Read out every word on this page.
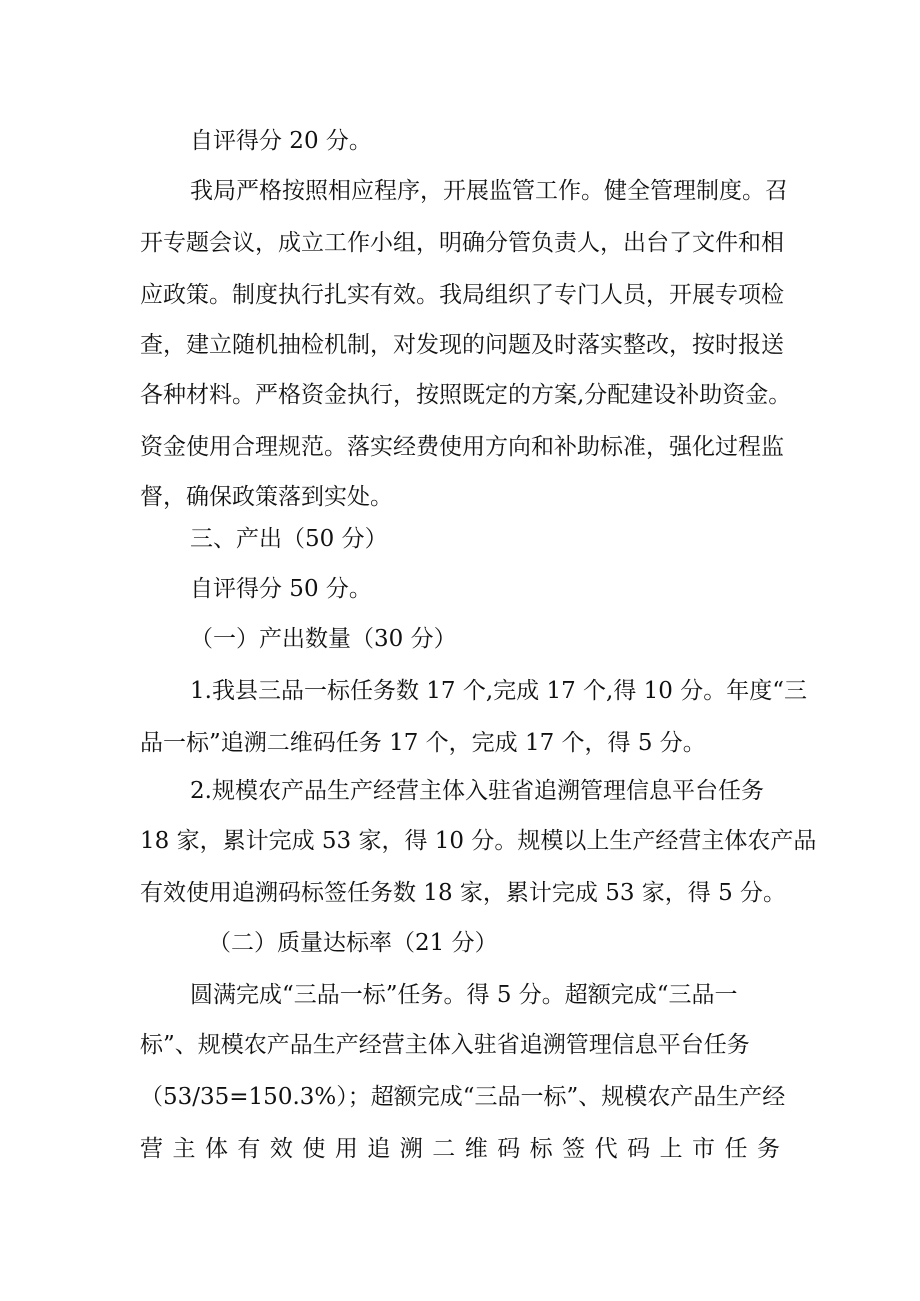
自评得分 20 分。
我局严格按照相应程序，开展监管工作。健全管理制度。召
开专题会议，成立工作小组，明确分管负责人，出台了文件和相
应政策。制度执行扎实有效。我局组织了专门人员，开展专项检
查，建立随机抽检机制，对发现的问题及时落实整改，按时报送
各种材料。严格资金执行，按照既定的方案,分配建设补助资金。
资金使用合理规范。落实经费使用方向和补助标准，强化过程监
督，确保政策落到实处。
三、产出（50 分）
自评得分 50 分。
（一）产出数量（30 分）
1.我县三品一标任务数 17 个,完成 17 个,得 10 分。年度“三
品一标”追溯二维码任务 17 个，完成 17 个，得 5 分。
2.规模农产品生产经营主体入驻省追溯管理信息平台任务
18 家，累计完成 53 家，得 10 分。规模以上生产经营主体农产品
有效使用追溯码标签任务数 18 家，累计完成 53 家，得 5 分。
（二）质量达标率（21 分）
圆满完成“三品一标”任务。得 5 分。超额完成“三品一
标”、规模农产品生产经营主体入驻省追溯管理信息平台任务
（53/35=150.3%）；超额完成“三品一标”、规模农产品生产经
营 主 体 有 效 使 用 追 溯 二 维 码 标 签 代 码 上 市 任 务
